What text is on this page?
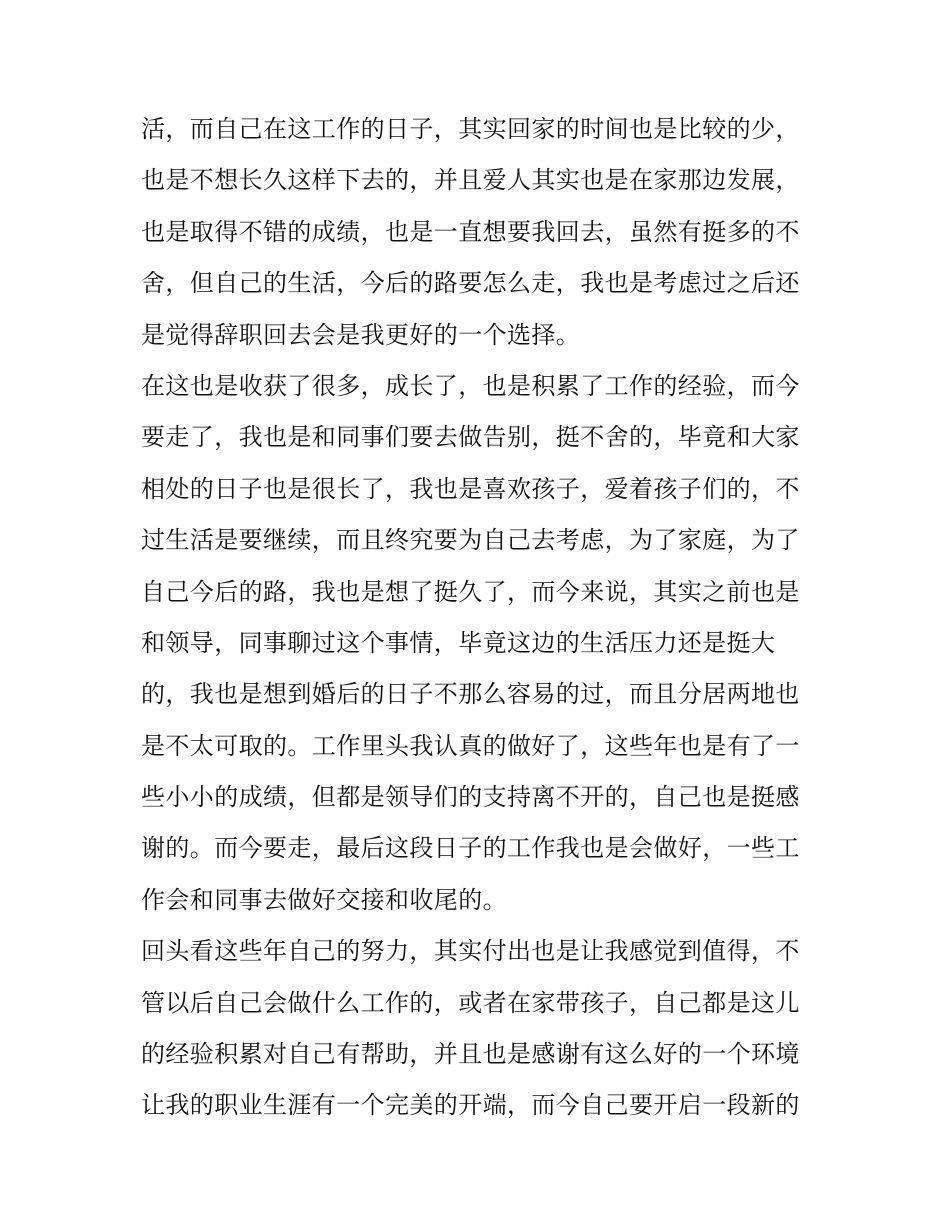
活，而自己在这工作的日子，其实回家的时间也是比较的少，
也是不想长久这样下去的，并且爱人其实也是在家那边发展，
也是取得不错的成绩，也是一直想要我回去，虽然有挺多的不
舍，但自己的生活，今后的路要怎么走，我也是考虑过之后还
是觉得辞职回去会是我更好的一个选择。
在这也是收获了很多，成长了，也是积累了工作的经验，而今
要走了，我也是和同事们要去做告别，挺不舍的，毕竟和大家
相处的日子也是很长了，我也是喜欢孩子，爱着孩子们的，不
过生活是要继续，而且终究要为自己去考虑，为了家庭，为了
自己今后的路，我也是想了挺久了，而今来说，其实之前也是
和领导，同事聊过这个事情，毕竟这边的生活压力还是挺大
的，我也是想到婚后的日子不那么容易的过，而且分居两地也
是不太可取的。工作里头我认真的做好了，这些年也是有了一
些小小的成绩，但都是领导们的支持离不开的，自己也是挺感
谢的。而今要走，最后这段日子的工作我也是会做好，一些工
作会和同事去做好交接和收尾的。
回头看这些年自己的努力，其实付出也是让我感觉到值得，不
管以后自己会做什么工作的，或者在家带孩子，自己都是这儿
的经验积累对自己有帮助，并且也是感谢有这么好的一个环境
让我的职业生涯有一个完美的开端，而今自己要开启一段新的
